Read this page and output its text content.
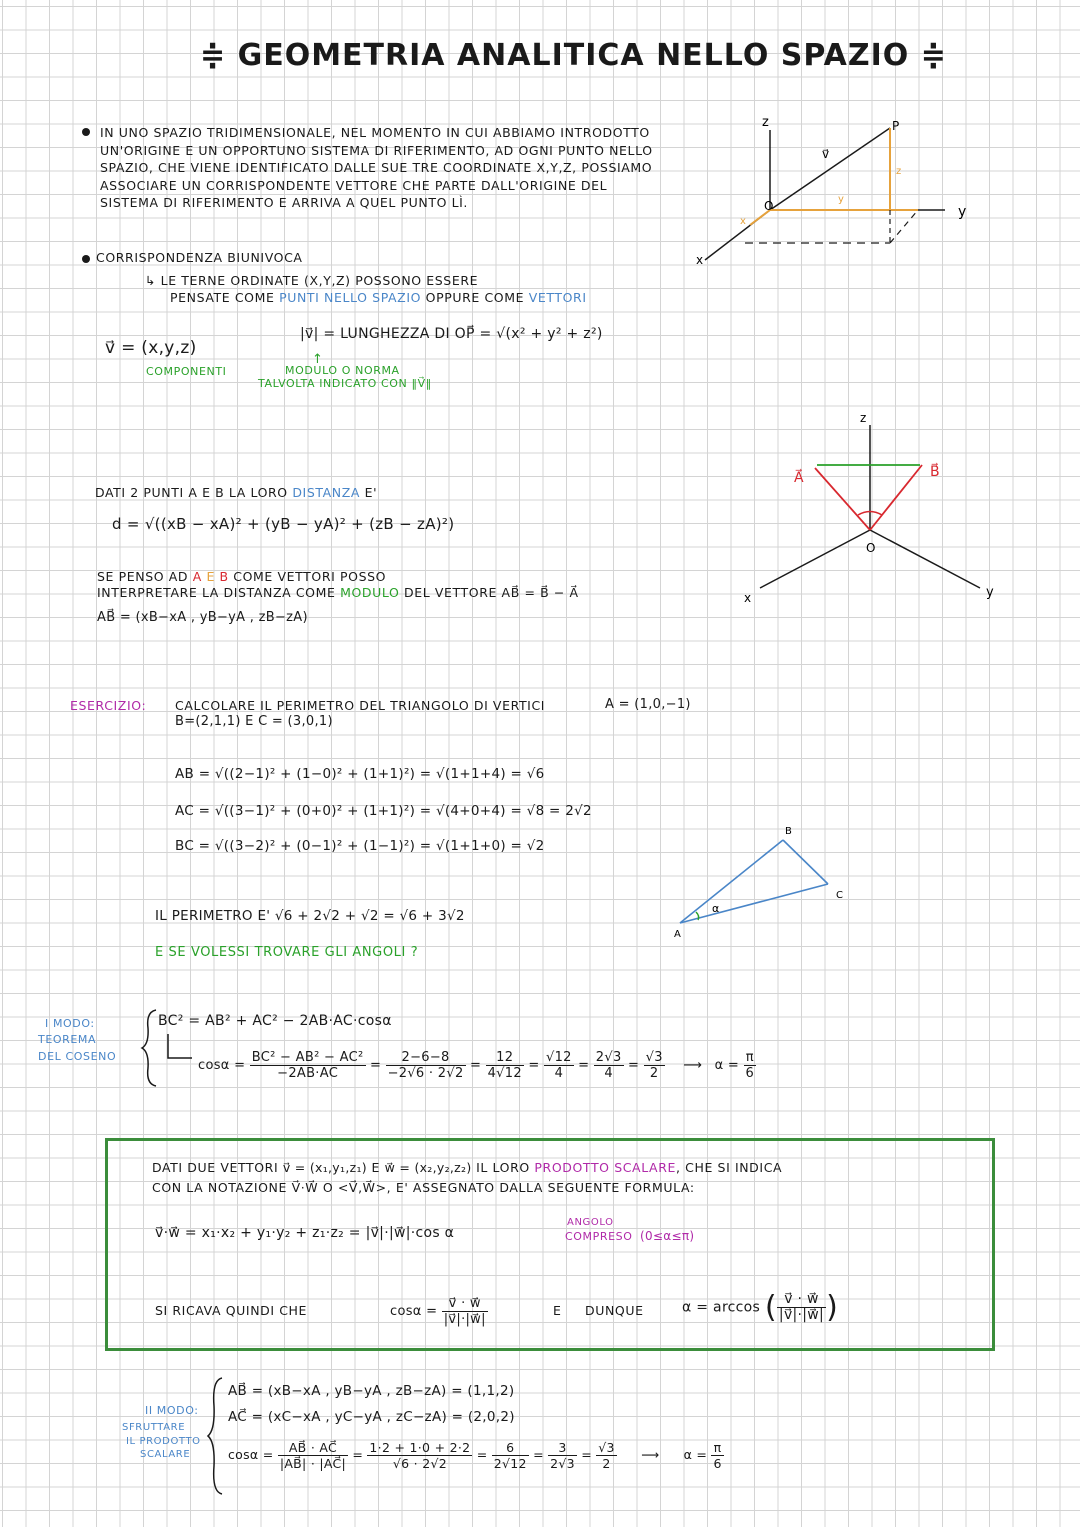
≑ GEOMETRIA ANALITICA NELLO SPAZIO ≑
IN UNO SPAZIO TRIDIMENSIONALE, NEL MOMENTO IN CUI ABBIAMO INTRODOTTO UN'ORIGINE E UN OPPORTUNO SISTEMA DI RIFERIMENTO, AD OGNI PUNTO NELLO SPAZIO, CHE VIENE IDENTIFICATO DALLE SUE TRE COORDINATE X,Y,Z, POSSIAMO ASSOCIARE UN CORRISPONDENTE VETTORE CHE PARTE DALL'ORIGINE DEL SISTEMA DI RIFERIMENTO E ARRIVA A QUEL PUNTO LÌ.
CORRISPONDENZA BIUNIVOCA
↳ LE TERNE ORDINATE (X,Y,Z) POSSONO ESSERE
PENSATE COME PUNTI NELLO SPAZIO OPPURE COME VETTORI
v⃗ = (x,y,z)
COMPONENTI
|v⃗| = LUNGHEZZA DI OP⃗ = √(x² + y² + z²)
↑
MODULO O NORMA
TALVOLTA INDICATO CON ‖V⃗‖
DATI 2 PUNTI A E B LA LORO DISTANZA E'
d = √((xB − xA)² + (yB − yA)² + (zB − zA)²)
SE PENSO AD A E B COME VETTORI POSSO
INTERPRETARE LA DISTANZA COME MODULO DEL VETTORE AB⃗ = B⃗ − A⃗
AB⃗ = (xB−xA , yB−yA , zB−zA)
ESERCIZIO: CALCOLARE IL PERIMETRO DEL TRIANGOLO DI VERTICI	A = (1,0,−1)
B=(2,1,1) E C = (3,0,1)
AB = √((2−1)² + (1−0)² + (1+1)²) = √(1+1+4) = √6
AC = √((3−1)² + (0+0)² + (1+1)²) = √(4+0+4) = √8 = 2√2
BC = √((3−2)² + (0−1)² + (1−1)²) = √(1+1+0) = √2
IL PERIMETRO E' √6 + 2√2 + √2 = √6 + 3√2
E SE VOLESSI TROVARE GLI ANGOLI ?
I MODO:
TEOREMA
DEL COSENO
BC² = AB² + AC² − 2AB·AC·cosα
$\cos\alpha = \frac{\text{BC² − AB² − AC²}}{-2AB\cdot AC} = \frac{2-6-8}{-2√6 \cdot 2√2} = \frac{12}{4√12} = \frac{√12}{4} = \frac{2√3}{4} = \frac{√3}{2}$ ⟶ $\alpha = \frac{\pi}{6}$
DATI DUE VETTORI v⃗ = (x₁,y₁,z₁) E w⃗ = (x₂,y₂,z₂) IL LORO PRODOTTO SCALARE, CHE SI INDICA
CON LA NOTAZIONE V⃗·W⃗ O <V⃗,W⃗>, E' ASSEGNATO DALLA SEGUENTE FORMULA:
v⃗·w⃗ = x₁·x₂ + y₁·y₂ + z₁·z₂ = |v⃗|·|w⃗|·cos α
ANGOLO
COMPRESO (0≤α≤π)
SI RICAVA QUINDI CHE	$\cos\alpha = \frac{v⃗ \cdot w⃗}{|v⃗|\cdot|w⃗|}$	E DUNQUE	α = arccos ( $\frac{v⃗ \cdot w⃗}{|v⃗|\cdot|w⃗|}$ )
II MODO:
SFRUTTARE
IL PRODOTTO
SCALARE
AB⃗ = (xB−xA , yB−yA , zB−zA) = (1,1,2)
AC⃗ = (xC−xA , yC−yA , zC−zA) = (2,0,2)
$\cos\alpha = \frac{AB⃗ \cdot AC⃗}{|AB⃗| \cdot |AC⃗|} = \frac{1\cdot 2 + 1\cdot 0 + 2\cdot 2}{√6 \cdot 2√2} = \frac{6}{2√12} = \frac{3}{2√3} = \frac{√3}{2}$ ⟶ $\alpha = \frac{\pi}{6}$
z
y
x
O
P
v⃗
y
z
x
z
y
x
O
A⃗	B⃗
A
B
C
α
